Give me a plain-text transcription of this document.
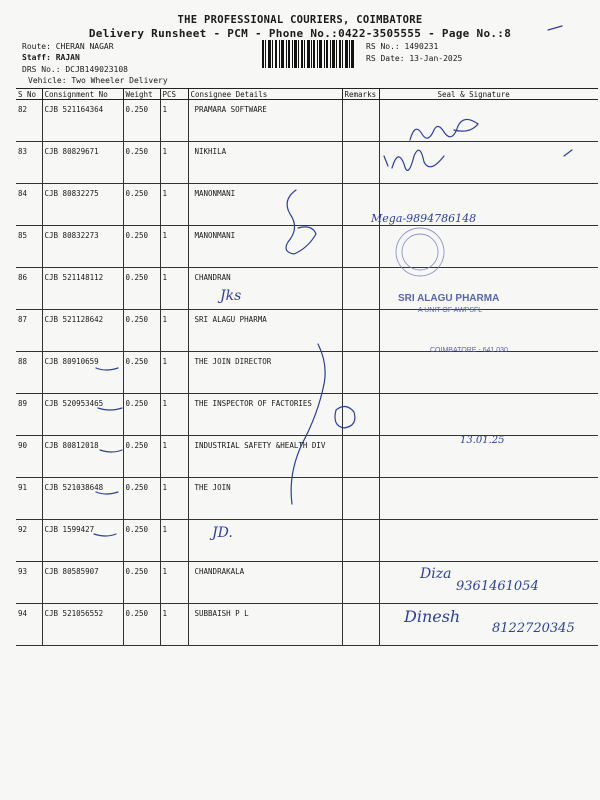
THE PROFESSIONAL COURIERS, COIMBATORE
Delivery Runsheet - PCM - Phone No.:0422-3505555 - Page No.:8
Route: CHERAN NAGAR
Staff: RAJAN
DRS No.: DCJB149023108
Vehicle: Two Wheeler Delivery
RS No.: 1490231
RS Date: 13-Jan-2025
S No	Consignment No	Weight	PCS	Consignee Details	Remarks	Seal & Signature
82	CJB 521164364	0.250	1	PRAMARA SOFTWARE		
83	CJB 80829671	0.250	1	NIKHILA		
84	CJB 80832275	0.250	1	MANONMANI		
85	CJB 80832273	0.250	1	MANONMANI		
86	CJB 521148112	0.250	1	CHANDRAN		
87	CJB 521128642	0.250	1	SRI ALAGU PHARMA		
88	CJB 80910659	0.250	1	THE JOIN DIRECTOR		
89	CJB 520953465	0.250	1	THE INSPECTOR OF FACTORIES		
90	CJB 80812018	0.250	1	INDUSTRIAL SAFETY &HEALTH DIV		
91	CJB 521038648	0.250	1	THE JOIN		
92	CJB 1599427	0.250	1			
93	CJB 80585907	0.250	1	CHANDRAKALA		
94	CJB 521056552	0.250	1	SUBBAISH P L		
Mega-9894786148
Jks	SRI ALAGU PHARMA
A UNIT OF AWPSFL
COIMBATORE - 641 030
13.01.25
JD.
Diza
9361461054
Dinesh
8122720345
